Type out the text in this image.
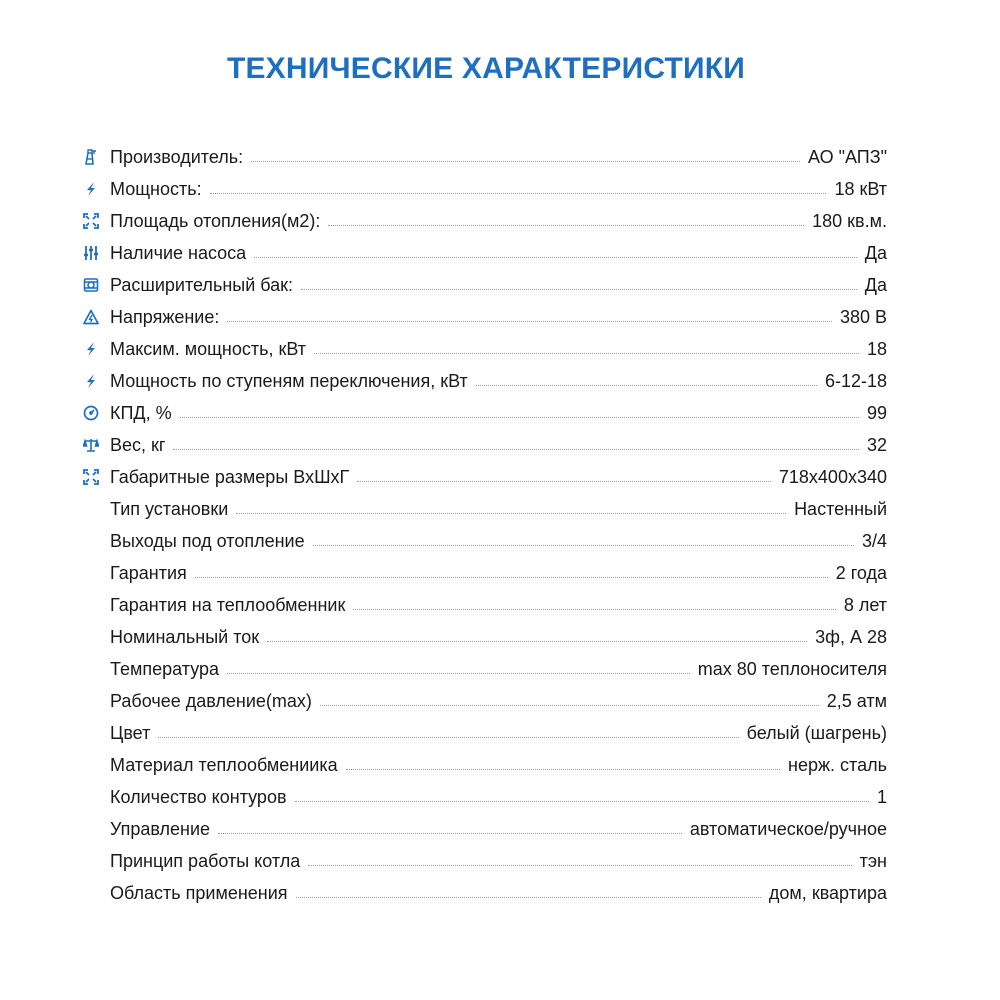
ТЕХНИЧЕСКИЕ ХАРАКТЕРИСТИКИ
Производитель:	АО "АПЗ"
Мощность:	18 кВт
Площадь отопления(м2):	180 кв.м.
Наличие насоса	Да
Расширительный бак:	Да
Напряжение:	380 В
Максим. мощность, кВт	18
Мощность по ступеням переключения, кВт	6-12-18
КПД, %	99
Вес, кг	32
Габаритные размеры ВхШхГ	718x400x340
Тип установки	Настенный
Выходы под отопление	3/4
Гарантия	2 года
Гарантия на теплообменник	8 лет
Номинальный ток	3ф, А 28
Температура	max 80 теплоносителя
Рабочее давление(max)	2,5 атм
Цвет	белый (шагрень)
Материал теплообмениика	нерж. сталь
Количество контуров	1
Управление	автоматическое/ручное
Принцип работы котла	тэн
Область применения	дом, квартира
